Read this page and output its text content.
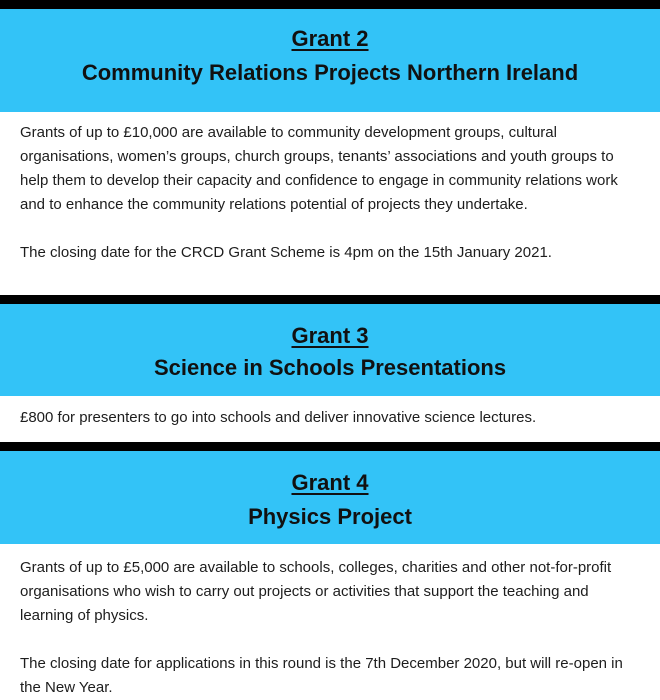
Grant 2
Community Relations Projects Northern Ireland

Grants of up to £10,000 are available to community development groups, cultural organisations, women’s groups, church groups, tenants’ associations and youth groups to help them to develop their capacity and confidence to engage in community relations work and to enhance the community relations potential of projects they undertake.

The closing date for the CRCD Grant Scheme is 4pm on the 15th January 2021.

Grant 3
Science in Schools Presentations

£800 for presenters to go into schools and deliver innovative science lectures.

Grant 4
Physics Project

Grants of up to £5,000 are available to schools, colleges, charities and other not-for-profit organisations who wish to carry out projects or activities that support the teaching and learning of physics.

The closing date for applications in this round is the 7th December 2020, but will re-open in the New Year.
